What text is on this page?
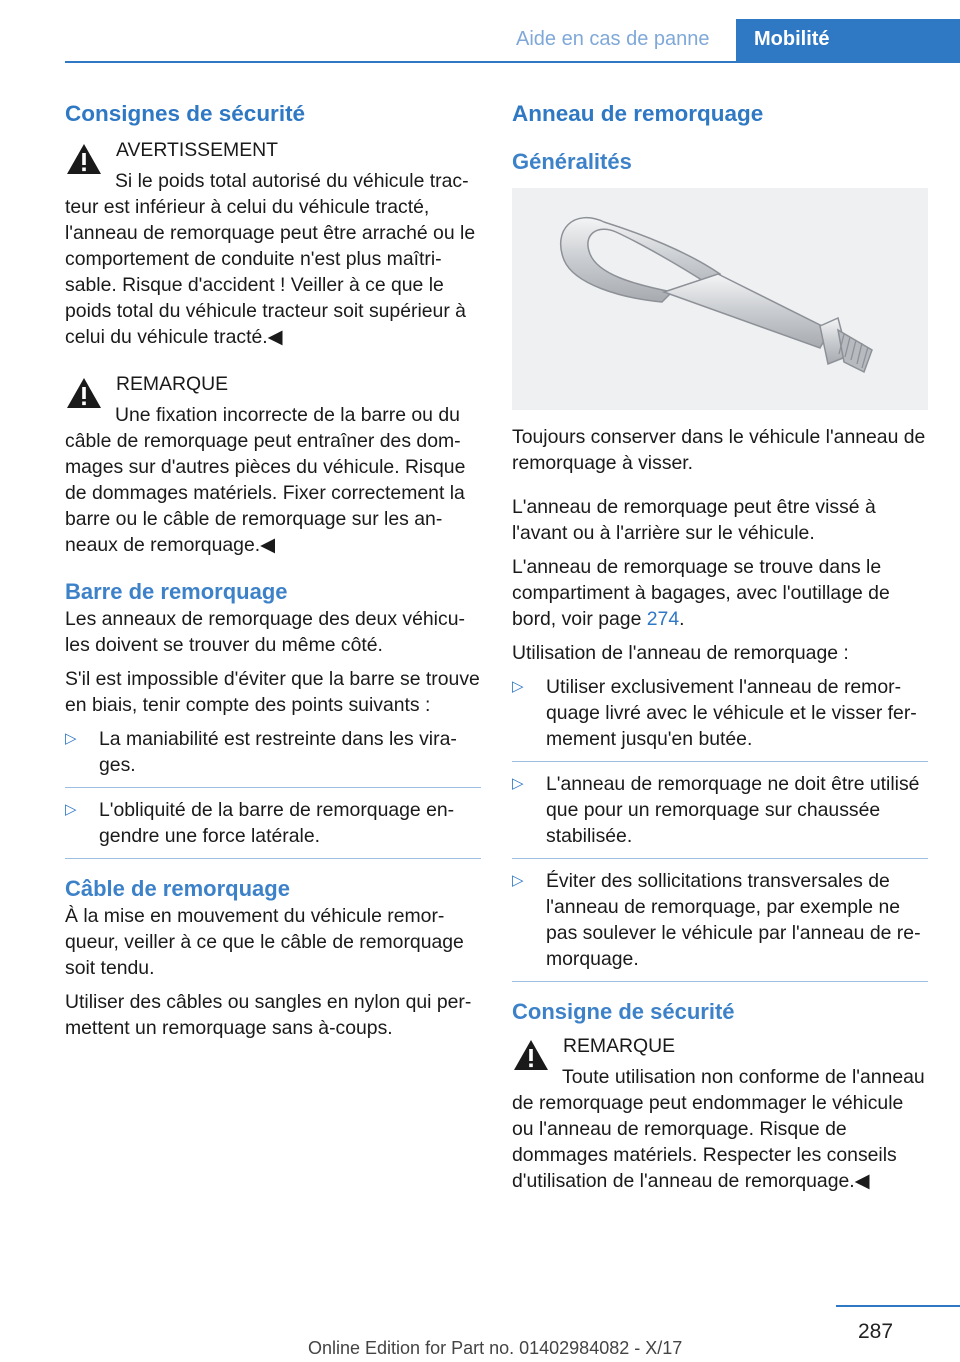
Aide en cas de panne	Mobilité
Consignes de sécurité
AVERTISSEMENT
Si le poids total autorisé du véhicule tracteur est inférieur à celui du véhicule tracté, l'anneau de remorquage peut être arraché ou le comportement de conduite n'est plus maîtrisable. Risque d'accident ! Veiller à ce que le poids total du véhicule tracteur soit supérieur à celui du véhicule tracté.◀
REMARQUE
Une fixation incorrecte de la barre ou du câble de remorquage peut entraîner des dommages sur d'autres pièces du véhicule. Risque de dommages matériels. Fixer correctement la barre ou le câble de remorquage sur les anneaux de remorquage.◀
Barre de remorquage
Les anneaux de remorquage des deux véhicules doivent se trouver du même côté.
S'il est impossible d'éviter que la barre se trouve en biais, tenir compte des points suivants :
▷ La maniabilité est restreinte dans les virages.
▷ L'obliquité de la barre de remorquage engendre une force latérale.
Câble de remorquage
À la mise en mouvement du véhicule remorqueur, veiller à ce que le câble de remorquage soit tendu.
Utiliser des câbles ou sangles en nylon qui permettent un remorquage sans à-coups.
Anneau de remorquage
Généralités
Toujours conserver dans le véhicule l'anneau de remorquage à visser.
L'anneau de remorquage peut être vissé à l'avant ou à l'arrière sur le véhicule.
L'anneau de remorquage se trouve dans le compartiment à bagages, avec l'outillage de bord, voir page 274.
Utilisation de l'anneau de remorquage :
▷ Utiliser exclusivement l'anneau de remorquage livré avec le véhicule et le visser fermement jusqu'en butée.
▷ L'anneau de remorquage ne doit être utilisé que pour un remorquage sur chaussée stabilisée.
▷ Éviter des sollicitations transversales de l'anneau de remorquage, par exemple ne pas soulever le véhicule par l'anneau de remorquage.
Consigne de sécurité
REMARQUE
Toute utilisation non conforme de l'anneau de remorquage peut endommager le véhicule ou l'anneau de remorquage. Risque de dommages matériels. Respecter les conseils d'utilisation de l'anneau de remorquage.◀
287
Online Edition for Part no. 01402984082 - X/17
